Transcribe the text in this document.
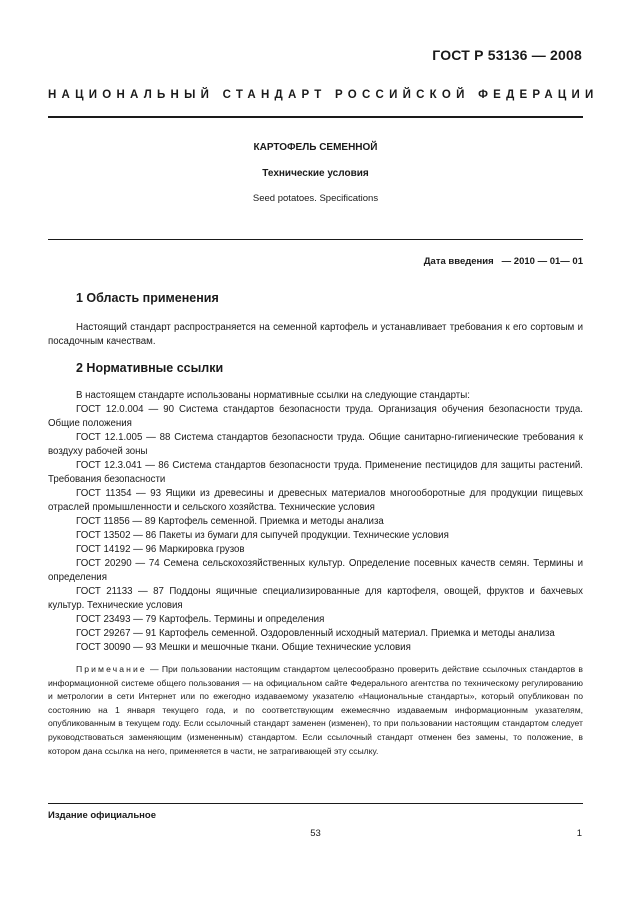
ГОСТ Р 53136 — 2008
НАЦИОНАЛЬНЫЙ СТАНДАРТ РОССИЙСКОЙ ФЕДЕРАЦИИ
КАРТОФЕЛЬ СЕМЕННОЙ
Технические условия
Seed potatoes. Specifications
Дата введения — 2010 — 01— 01
1 Область применения

Настоящий стандарт распространяется на семенной картофель и устанавливает требования к его сортовым и посадочным качествам.

2 Нормативные ссылки

В настоящем стандарте использованы нормативные ссылки на следующие стандарты:

ГОСТ 12.0.004 — 90 Система стандартов безопасности труда. Организация обучения безопасности труда. Общие положения

ГОСТ 12.1.005 — 88 Система стандартов безопасности труда. Общие санитарно-гигиенические требования к воздуху рабочей зоны

ГОСТ 12.3.041 — 86 Система стандартов безопасности труда. Применение пестицидов для защиты растений. Требования безопасности

ГОСТ 11354 — 93 Ящики из древесины и древесных материалов многооборотные для продукции пищевых отраслей промышленности и сельского хозяйства. Технические условия

ГОСТ 11856 — 89 Картофель семенной. Приемка и методы анализа

ГОСТ 13502 — 86 Пакеты из бумаги для сыпучей продукции. Технические условия

ГОСТ 14192 — 96 Маркировка грузов

ГОСТ 20290 — 74 Семена сельскохозяйственных культур. Определение посевных качеств семян. Термины и определения

ГОСТ 21133 — 87 Поддоны ящичные специализированные для картофеля, овощей, фруктов и бахчевых культур. Технические условия

ГОСТ 23493 — 79 Картофель. Термины и определения

ГОСТ 29267 — 91 Картофель семенной. Оздоровленный исходный материал. Приемка и методы анализа

ГОСТ 30090 — 93 Мешки и мешочные ткани. Общие технические условия

Примечание — При пользовании настоящим стандартом целесообразно проверить действие ссылочных стандартов в информационной системе общего пользования — на официальном сайте Федерального агентства по техническому регулированию и метрологии в сети Интернет или по ежегодно издаваемому указателю «Национальные стандарты», который опубликован по состоянию на 1 января текущего года, и по соответствующим ежемесячно издаваемым информационным указателям, опубликованным в текущем году. Если ссылочный стандарт заменен (изменен), то при пользовании настоящим стандартом следует руководствоваться заменяющим (измененным) стандартом. Если ссылочный стандарт отменен без замены, то положение, в котором дана ссылка на него, применяется в части, не затрагивающей эту ссылку.
Издание официальное
53	1
